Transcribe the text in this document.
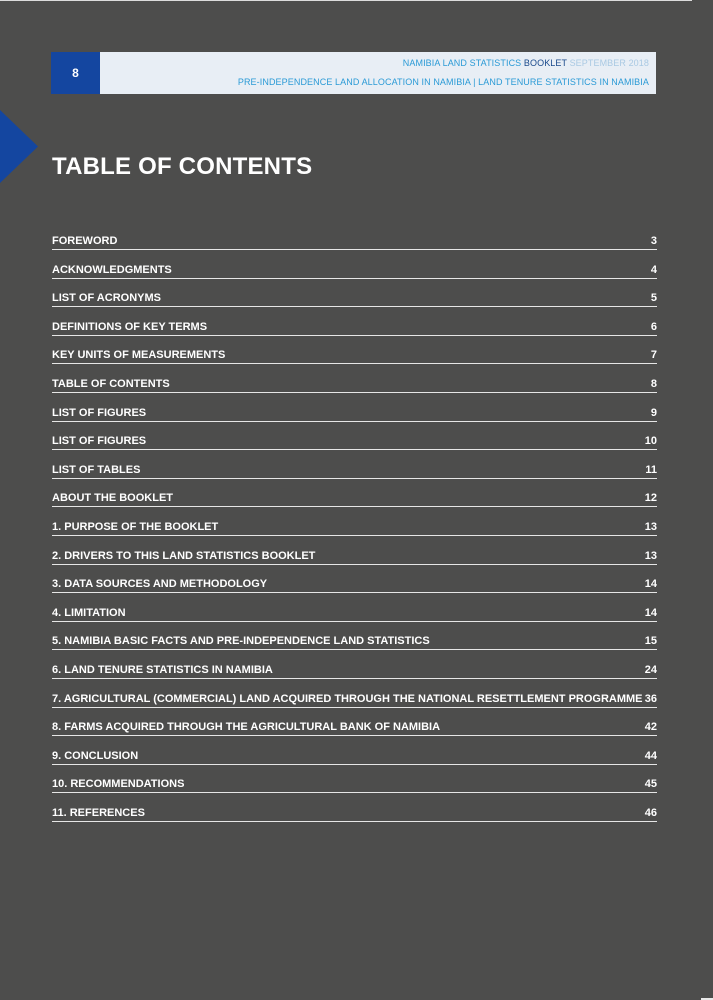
8
NAMIBIA LAND STATISTICS BOOKLET SEPTEMBER 2018
PRE-INDEPENDENCE LAND ALLOCATION IN NAMIBIA | LAND TENURE STATISTICS IN NAMIBIA
TABLE OF CONTENTS
FOREWORD	3
ACKNOWLEDGMENTS	4
LIST OF ACRONYMS	5
DEFINITIONS OF KEY TERMS	6
KEY UNITS OF MEASUREMENTS	7
TABLE OF CONTENTS	8
LIST OF FIGURES	9
LIST OF FIGURES	10
LIST OF TABLES	11
ABOUT THE BOOKLET	12
1. PURPOSE OF THE BOOKLET	13
2. DRIVERS TO THIS LAND STATISTICS BOOKLET	13
3. DATA SOURCES AND METHODOLOGY	14
4. LIMITATION	14
5. NAMIBIA BASIC FACTS AND PRE-INDEPENDENCE LAND STATISTICS	15
6. LAND TENURE STATISTICS IN NAMIBIA	24
7. AGRICULTURAL (COMMERCIAL) LAND ACQUIRED THROUGH THE NATIONAL RESETTLEMENT PROGRAMME 36
8. FARMS ACQUIRED THROUGH THE AGRICULTURAL BANK OF NAMIBIA	42
9. CONCLUSION	44
10. RECOMMENDATIONS	45
11. REFERENCES	46
